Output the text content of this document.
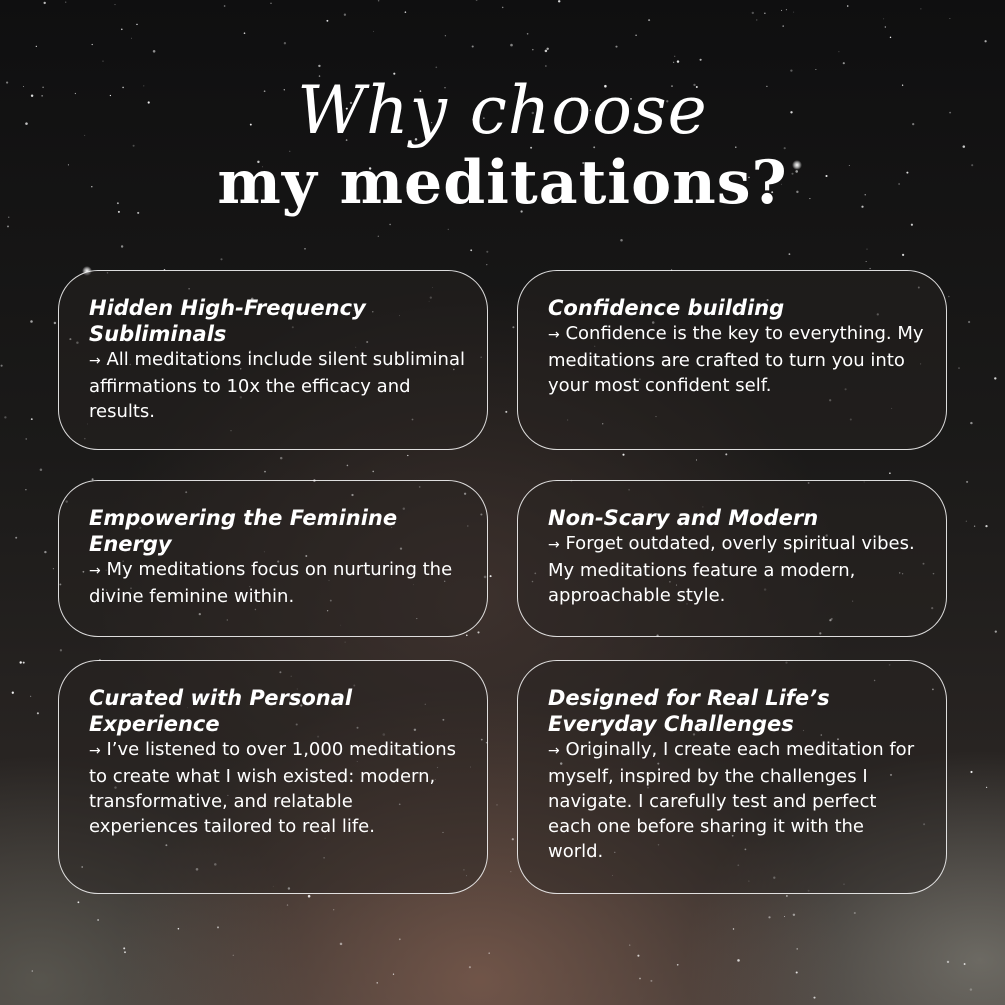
Why choose
my meditations?

Hidden High-Frequency Subliminals

→ All meditations include silent subliminal affirmations to 10x the efficacy and results.

Confidence building

→ Confidence is the key to everything. My meditations are crafted to turn you into your most confident self.

Empowering the Feminine Energy

→ My meditations focus on nurturing the divine feminine within.

Non-Scary and Modern

→ Forget outdated, overly spiritual vibes. My meditations feature a modern, approachable style.

Curated with Personal Experience

→ I’ve listened to over 1,000 meditations to create what I wish existed: modern, transformative, and relatable experiences tailored to real life.

Designed for Real Life’s Everyday Challenges

→ Originally, I create each meditation for myself, inspired by the challenges I navigate. I carefully test and perfect each one before sharing it with the world.
